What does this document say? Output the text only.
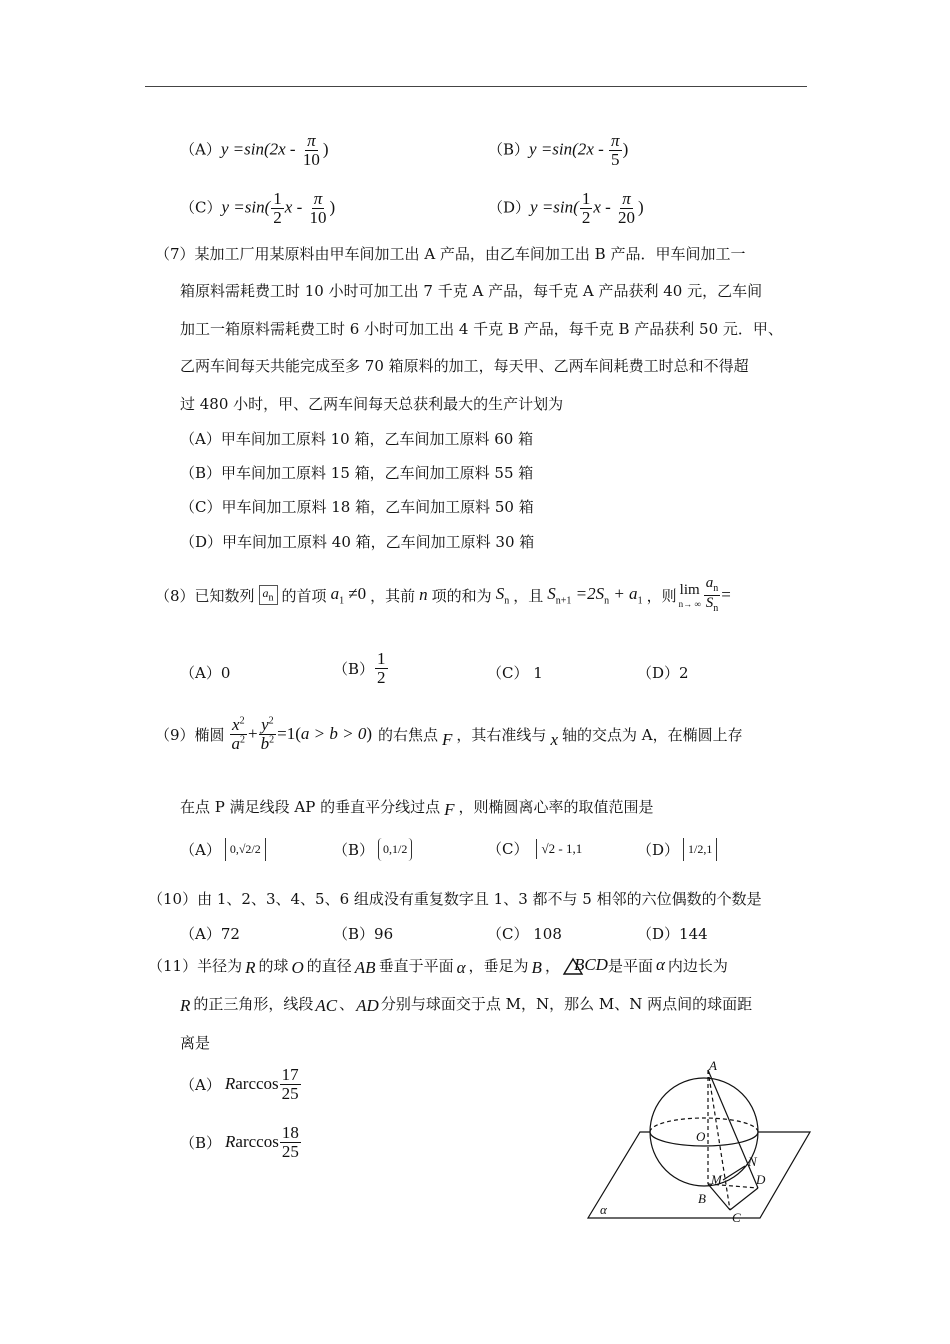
$(A)y =\sin(2x - \frac{\pi}{10}$ )	$(B)y =\sin(2x - \frac{\pi}{5}$ )
$(C)y =\sin( \frac{1}{2}$ x - $\frac{\pi}{10}$ )	$(D)y =\sin( \frac{1}{2}$ x - $\frac{\pi}{20}$ )
（7）某加工厂用某原料由甲车间加工出 A 产品，由乙车间加工出 B 产品．甲车间加工一
箱原料需耗费工时 10 小时可加工出 7 千克 A 产品，每千克 A 产品获利 40 元，乙车间
加工一箱原料需耗费工时 6 小时可加工出 4 千克 B 产品，每千克 B 产品获利 50 元．甲、
乙两车间每天共能完成至多 70 箱原料的加工，每天甲、乙两车间耗费工时总和不得超
过 480 小时，甲、乙两车间每天总获利最大的生产计划为
（A）甲车间加工原料 10 箱，乙车间加工原料 60 箱
（B）甲车间加工原料 15 箱，乙车间加工原料 55 箱
（C）甲车间加工原料 18 箱，乙车间加工原料 50 箱
（D）甲车间加工原料 40 箱，乙车间加工原料 30 箱
（8）已知数列 $a_n$ 的首项 $a_1 \ne 0$ ，其前 n 项的和为 $S_n$ ，且 $S_{n+1} =2S_n + a_1$ ，则 lim
n→ ∞ $\frac{a_n}{S_n}$ =
（A）0	$(B) \frac{1}{2}$	（C） 1	（D）2
（9）椭圆 $\frac{x^2}{a^2} + \frac{y^2}{b^2} =1$( a > b > 0 ) 的右焦点 F ，其右准线与 x 轴的交点为 A，在椭圆上存
在点 P 满足线段 AP 的垂直平分线过点 F ，则椭圆离心率的取值范围是
（A） 0,√2/2	（B） 0,1/2	（C）	√2 - 1,1	（D） 1/2,1
（10）由 1、2、3、4、5、6 组成没有重复数字且 1、3 都不与 5 相邻的六位偶数的个数是
（A）72	（B）96	（C） 108	（D）144
（11）半径为 R 的球 O 的直径 AB 垂直于平面 α ，垂足为 B ， BCD 是平面 α 内边长为
R 的正三角形，线段 AC 、 AD 分别与球面交于点 M，N，那么 M、N 两点间的球面距
离是
（A） R $\arccos \frac{17}{25}$
（B） R $\arccos \frac{18}{25}$
A
O
N
M	D
B
C
α
